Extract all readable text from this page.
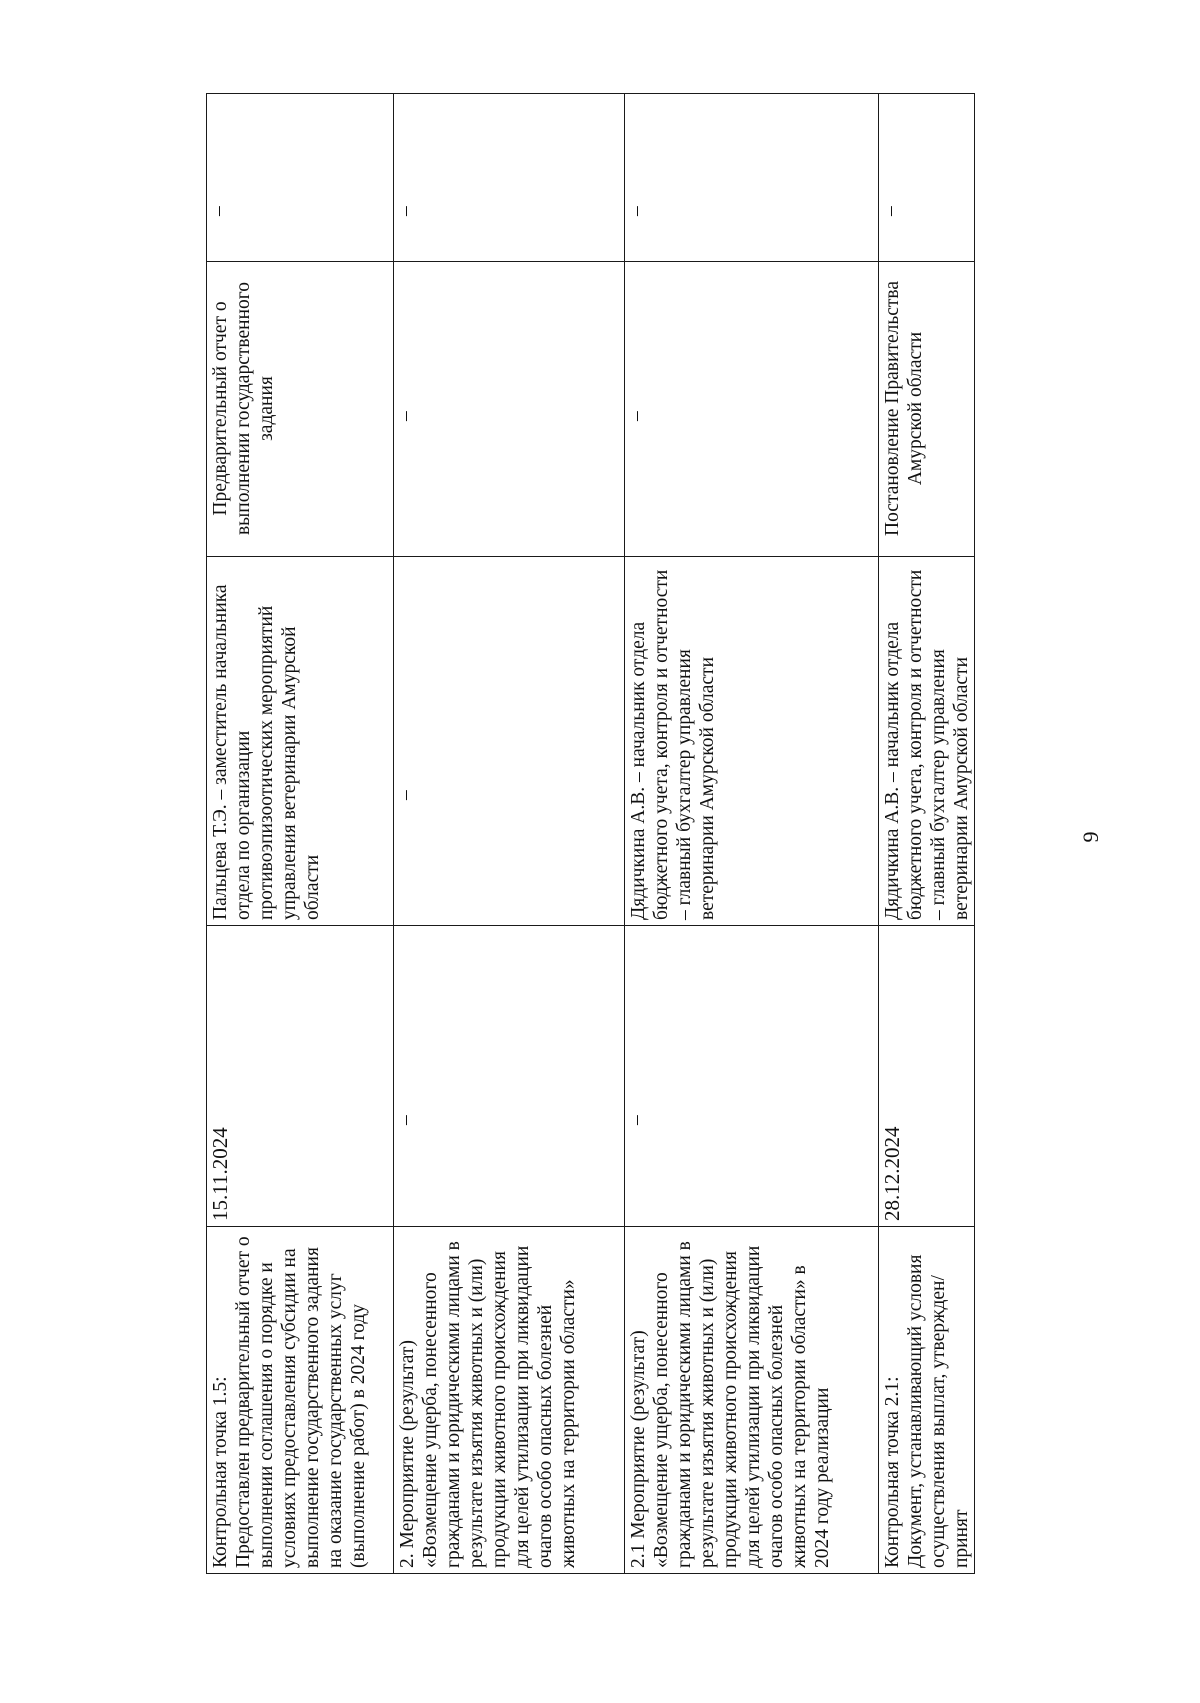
Контрольная точка 1.5:
Предоставлен предварительный отчет о выполнении соглашения о порядке и условиях предоставления субсидии на выполнение государственного задания на оказание государственных услуг (выполнение работ) в 2024 году	15.11.2024	Пальцева Т.Э. – заместитель начальника отдела по организации противоэпизоотических мероприятий управления ветеринарии Амурской области	Предварительный отчет о выполнении государственного задания	–

2. Мероприятие (результат) «Возмещение ущерба, понесенного гражданами и юридическими лицами в результате изъятия животных и (или) продукции животного происхождения для целей утилизации при ликвидации очагов особо опасных болезней животных на территории области»	–	–	–	–

2.1 Мероприятие (результат) «Возмещение ущерба, понесенного гражданами и юридическими лицами в результате изъятия животных и (или) продукции животного происхождения для целей утилизации при ликвидации очагов особо опасных болезней животных на территории области» в 2024 году реализации	–	Дядичкина А.В. – начальник отдела бюджетного учета, контроля и отчетности – главный бухгалтер управления ветеринарии Амурской области	–	–

Контрольная точка 2.1:
Документ, устанавливающий условия осуществления выплат, утвержден/принят	28.12.2024	Дядичкина А.В. – начальник отдела бюджетного учета, контроля и отчетности – главный бухгалтер управления ветеринарии Амурской области	Постановление Правительства Амурской области	–
9
